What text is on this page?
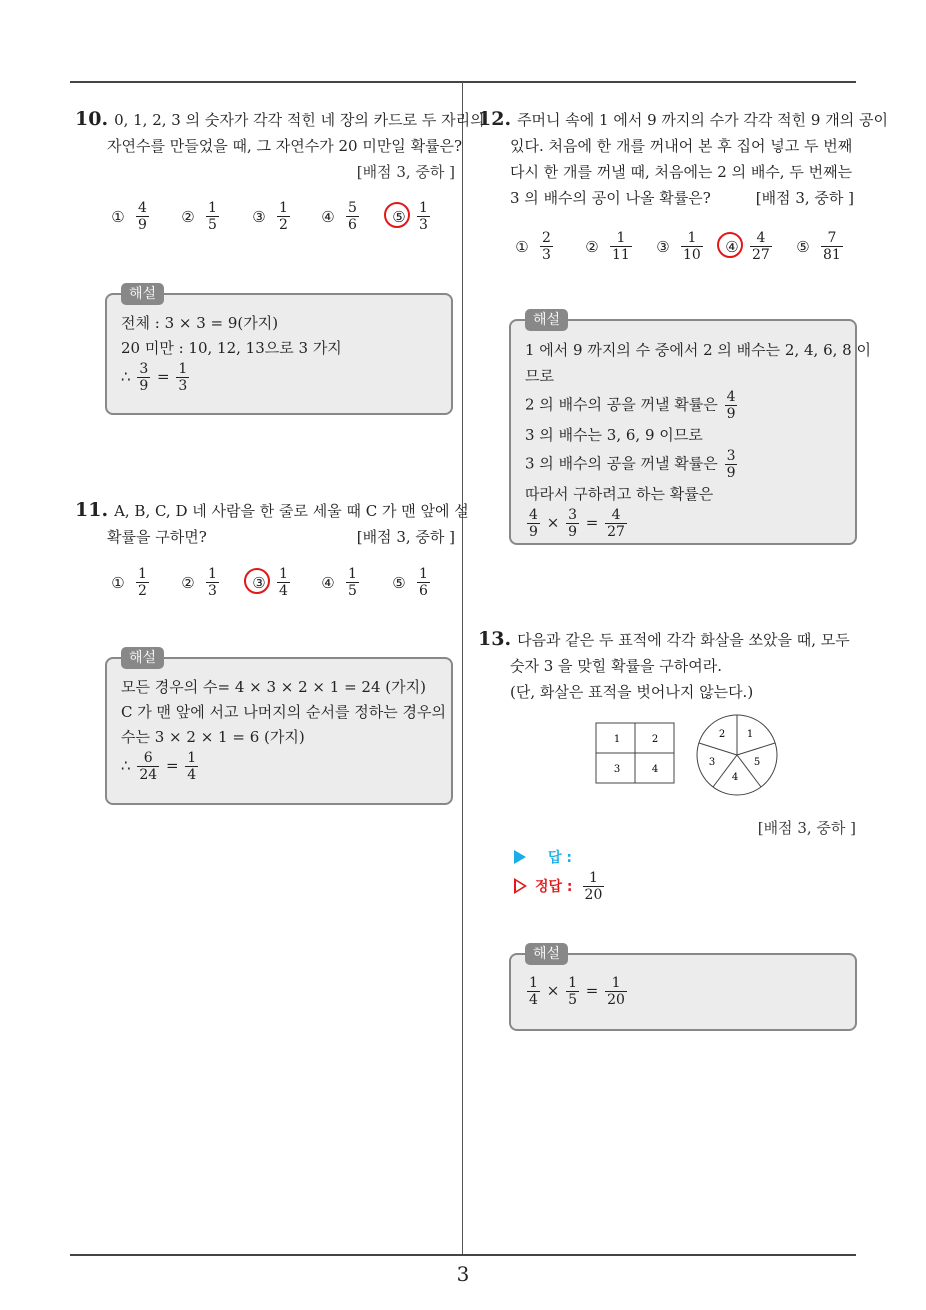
10. 0, 1, 2, 3 의 숫자가 각각 적힌 네 장의 카드로 두 자리의
자연수를 만들었을 때, 그 자연수가 20 미만일 확률은?
[배점 3, 중하 ]
① $\frac{4}{9}$ ② $\frac{1}{5}$ ③ $\frac{1}{2}$ ④ $\frac{5}{6}$ ⑤ $\frac{1}{3}$
해설
전체 : 3 × 3 = 9(가지)
20 미만 : 10, 12, 13으로 3 가지
∴ $\frac{3}{9} = \frac{1}{3}$
11. A, B, C, D 네 사람을 한 줄로 세울 때 C 가 맨 앞에 설
확률을 구하면?	[배점 3, 중하 ]
① $\frac{1}{2}$ ② $\frac{1}{3}$ ③ $\frac{1}{4}$ ④ $\frac{1}{5}$ ⑤ $\frac{1}{6}$
해설
모든 경우의 수= 4 × 3 × 2 × 1 = 24 (가지)
C 가 맨 앞에 서고 나머지의 순서를 정하는 경우의
수는 3 × 2 × 1 = 6 (가지)
∴ $\frac{6}{24} = \frac{1}{4}$
12. 주머니 속에 1 에서 9 까지의 수가 각각 적힌 9 개의 공이
있다. 처음에 한 개를 꺼내어 본 후 집어 넣고 두 번째
다시 한 개를 꺼낼 때, 처음에는 2 의 배수, 두 번째는
3 의 배수의 공이 나올 확률은?	[배점 3, 중하 ]
① $\frac{2}{3}$ ② $\frac{1}{11}$ ③ $\frac{1}{10}$ ④ $\frac{4}{27}$ ⑤ $\frac{7}{81}$
해설
1 에서 9 까지의 수 중에서 2 의 배수는 2, 4, 6, 8 이
므로
2 의 배수의 공을 꺼낼 확률은 $\frac{4}{9}$
3 의 배수는 3, 6, 9 이므로
3 의 배수의 공을 꺼낼 확률은 $\frac{3}{9}$
따라서 구하려고 하는 확률은
$\frac{4}{9} \times \frac{3}{9} = \frac{4}{27}$
13. 다음과 같은 두 표적에 각각 화살을 쏘았을 때, 모두
숫자 3 을 맞힐 확률을 구하여라.
(단, 화살은 표적을 벗어나지 않는다.)
1	2
3	4
1
2
3
4
5
[배점 3, 중하 ]
답 :
정답 : $\frac{1}{20}$
해설
$\frac{1}{4} \times \frac{1}{5} = \frac{1}{20}$
3
